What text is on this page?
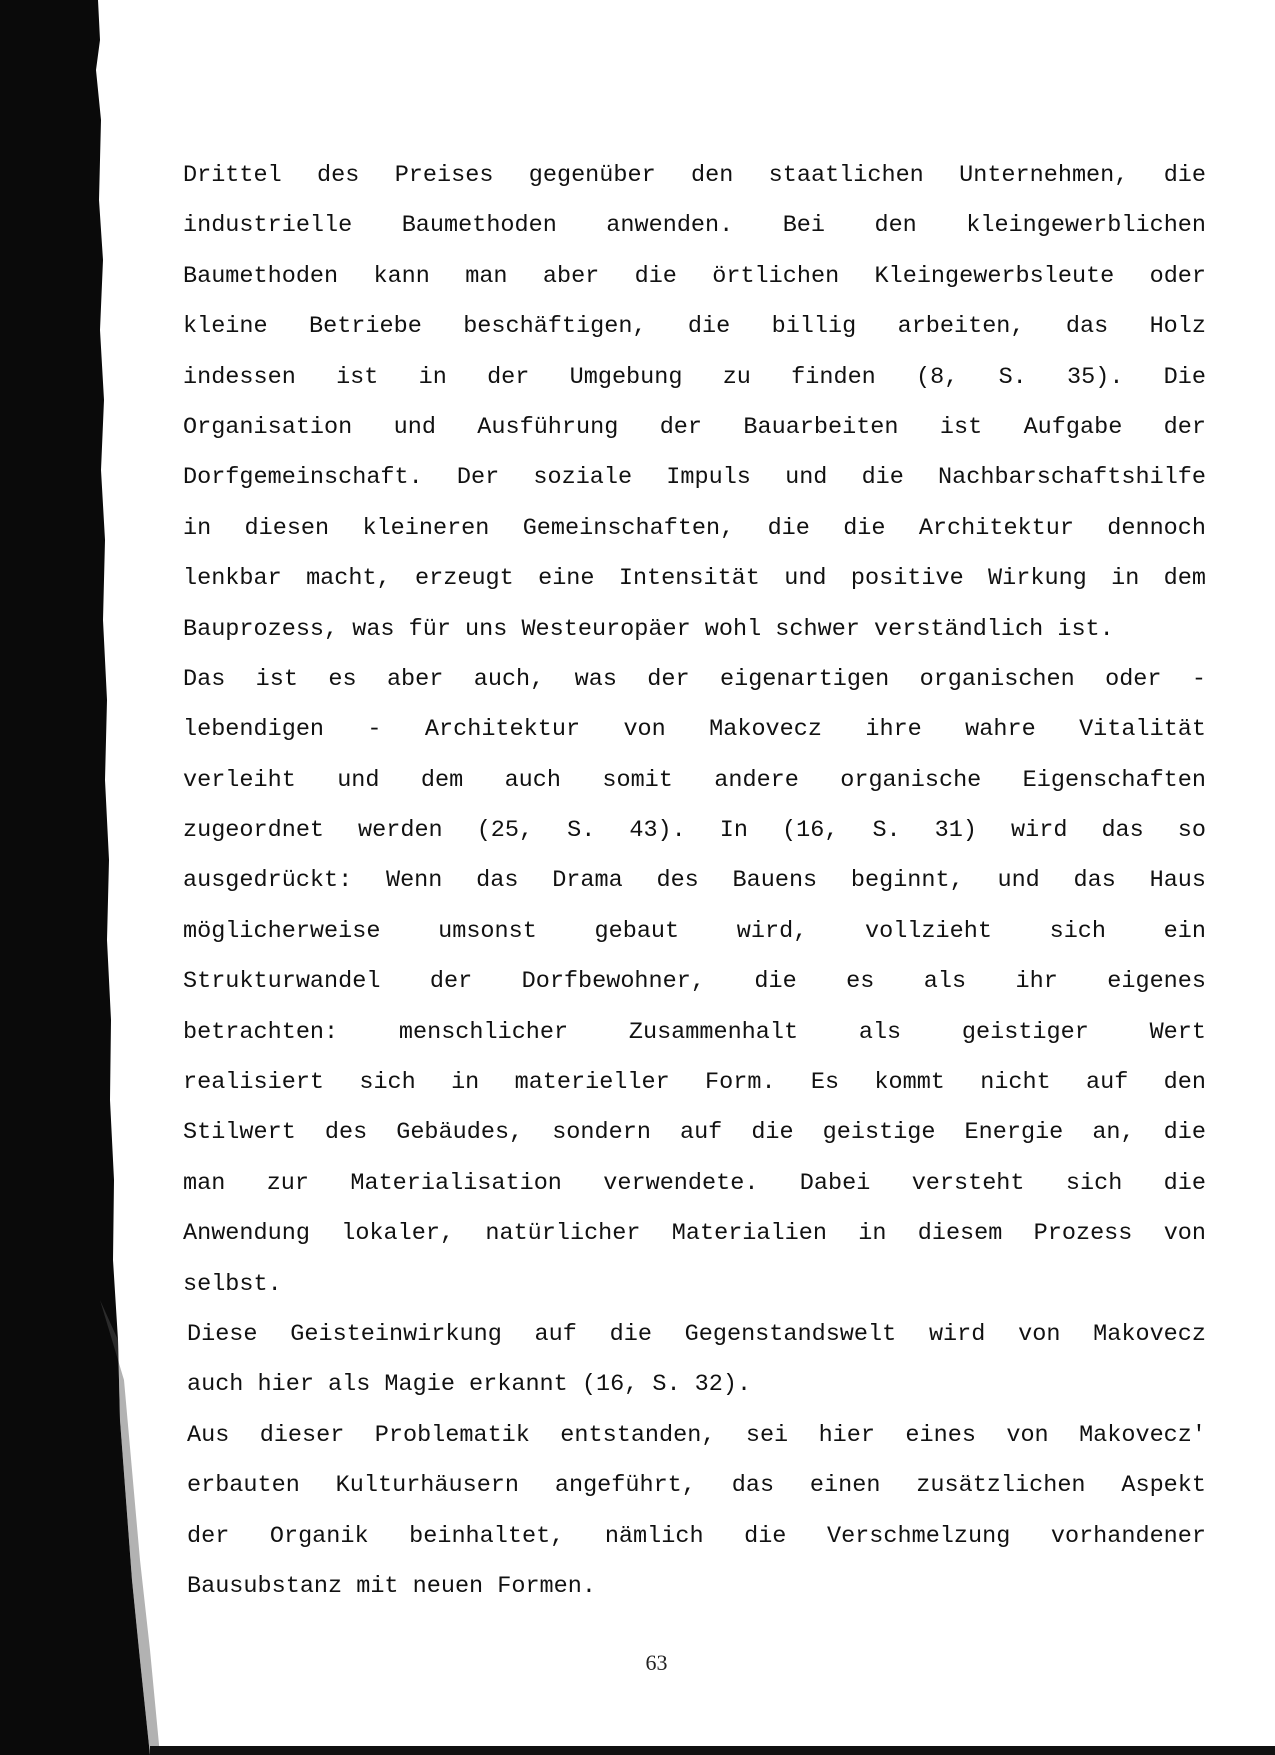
Drittel des Preises gegenüber den staatlichen Unternehmen, die
industrielle Baumethoden anwenden. Bei den kleingewerblichen
Baumethoden kann man aber die örtlichen Kleingewerbsleute oder
kleine Betriebe beschäftigen, die billig arbeiten, das Holz
indessen ist in der Umgebung zu finden (8, S. 35). Die
Organisation und Ausführung der Bauarbeiten ist Aufgabe der
Dorfgemeinschaft. Der soziale Impuls und die Nachbarschaftshilfe
in diesen kleineren Gemeinschaften, die die Architektur dennoch
lenkbar macht, erzeugt eine Intensität und positive Wirkung in dem
Bauprozess, was für uns Westeuropäer wohl schwer verständlich ist.
Das ist es aber auch, was der eigenartigen organischen oder -
lebendigen - Architektur von Makovecz ihre wahre Vitalität
verleiht und dem auch somit andere organische Eigenschaften
zugeordnet werden (25, S. 43). In (16, S. 31) wird das so
ausgedrückt: Wenn das Drama des Bauens beginnt, und das Haus
möglicherweise umsonst gebaut wird, vollzieht sich ein
Strukturwandel der Dorfbewohner, die es als ihr eigenes
betrachten: menschlicher Zusammenhalt als geistiger Wert
realisiert sich in materieller Form. Es kommt nicht auf den
Stilwert des Gebäudes, sondern auf die geistige Energie an, die
man zur Materialisation verwendete. Dabei versteht sich die
Anwendung lokaler, natürlicher Materialien in diesem Prozess von
selbst.
Diese Geisteinwirkung auf die Gegenstandswelt wird von Makovecz
auch hier als Magie erkannt (16, S. 32).
Aus dieser Problematik entstanden, sei hier eines von Makovecz'
erbauten Kulturhäusern angeführt, das einen zusätzlichen Aspekt
der Organik beinhaltet, nämlich die Verschmelzung vorhandener
Bausubstanz mit neuen Formen.
63
